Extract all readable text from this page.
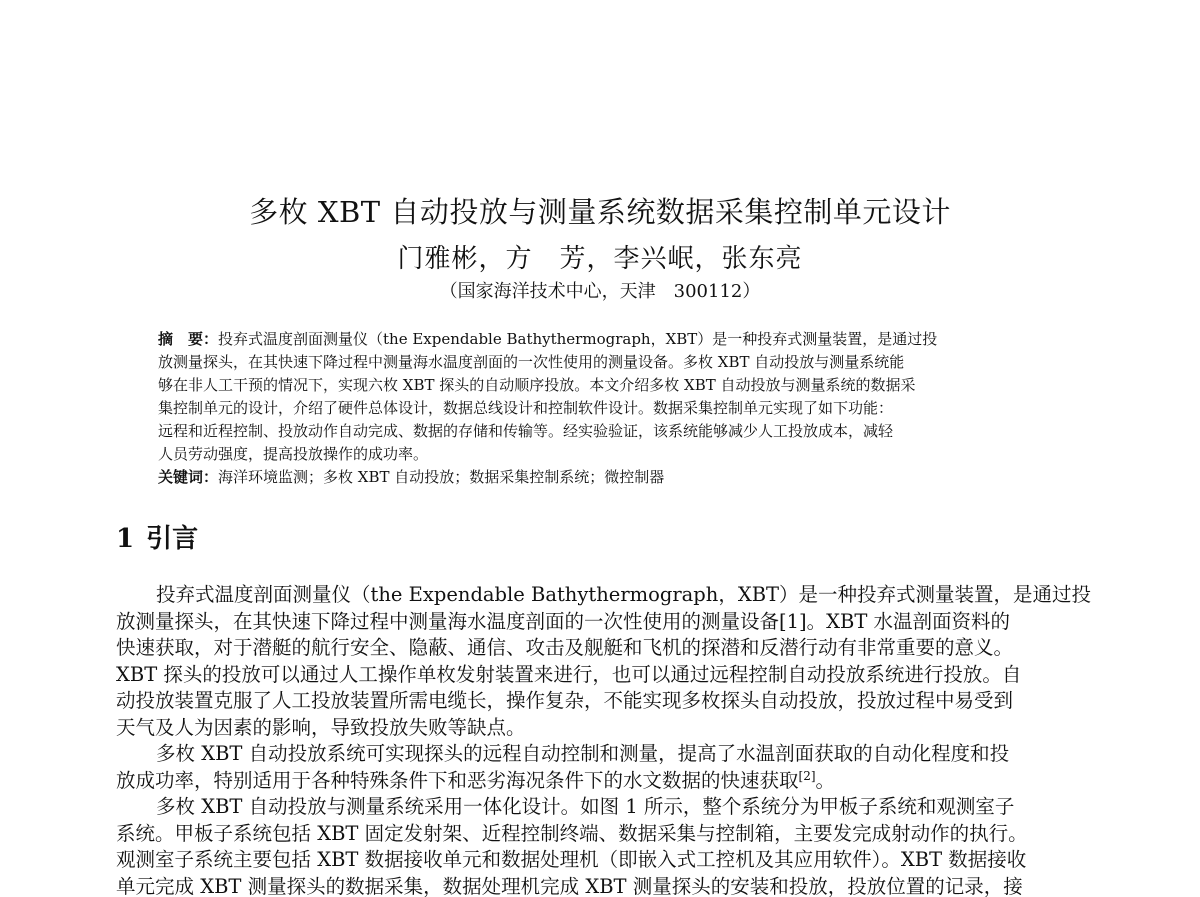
多枚 XBT 自动投放与测量系统数据采集控制单元设计
门雅彬，方　芳，李兴岷，张东亮
（国家海洋技术中心，天津　300112）
摘　要：投弃式温度剖面测量仪（the Expendable Bathythermograph，XBT）是一种投弃式测量装置，是通过投
放测量探头，在其快速下降过程中测量海水温度剖面的一次性使用的测量设备。多枚 XBT 自动投放与测量系统能
够在非人工干预的情况下，实现六枚 XBT 探头的自动顺序投放。本文介绍多枚 XBT 自动投放与测量系统的数据采
集控制单元的设计，介绍了硬件总体设计，数据总线设计和控制软件设计。数据采集控制单元实现了如下功能：
远程和近程控制、投放动作自动完成、数据的存储和传输等。经实验验证，该系统能够减少人工投放成本，减轻
人员劳动强度，提高投放操作的成功率。
关键词：海洋环境监测；多枚 XBT 自动投放；数据采集控制系统；微控制器
1 引言
投弃式温度剖面测量仪（the Expendable Bathythermograph，XBT）是一种投弃式测量装置，是通过投
放测量探头，在其快速下降过程中测量海水温度剖面的一次性使用的测量设备[1]。XBT 水温剖面资料的
快速获取，对于潜艇的航行安全、隐蔽、通信、攻击及舰艇和飞机的探潜和反潜行动有非常重要的意义。
XBT 探头的投放可以通过人工操作单枚发射装置来进行，也可以通过远程控制自动投放系统进行投放。自
动投放装置克服了人工投放装置所需电缆长，操作复杂，不能实现多枚探头自动投放，投放过程中易受到
天气及人为因素的影响，导致投放失败等缺点。
多枚 XBT 自动投放系统可实现探头的远程自动控制和测量，提高了水温剖面获取的自动化程度和投
放成功率，特别适用于各种特殊条件下和恶劣海况条件下的水文数据的快速获取[2]。
多枚 XBT 自动投放与测量系统采用一体化设计。如图 1 所示，整个系统分为甲板子系统和观测室子
系统。甲板子系统包括 XBT 固定发射架、近程控制终端、数据采集与控制箱，主要发完成射动作的执行。
观测室子系统主要包括 XBT 数据接收单元和数据处理机（即嵌入式工控机及其应用软件）。XBT 数据接收
单元完成 XBT 测量探头的数据采集，数据处理机完成 XBT 测量探头的安装和投放，投放位置的记录，接
